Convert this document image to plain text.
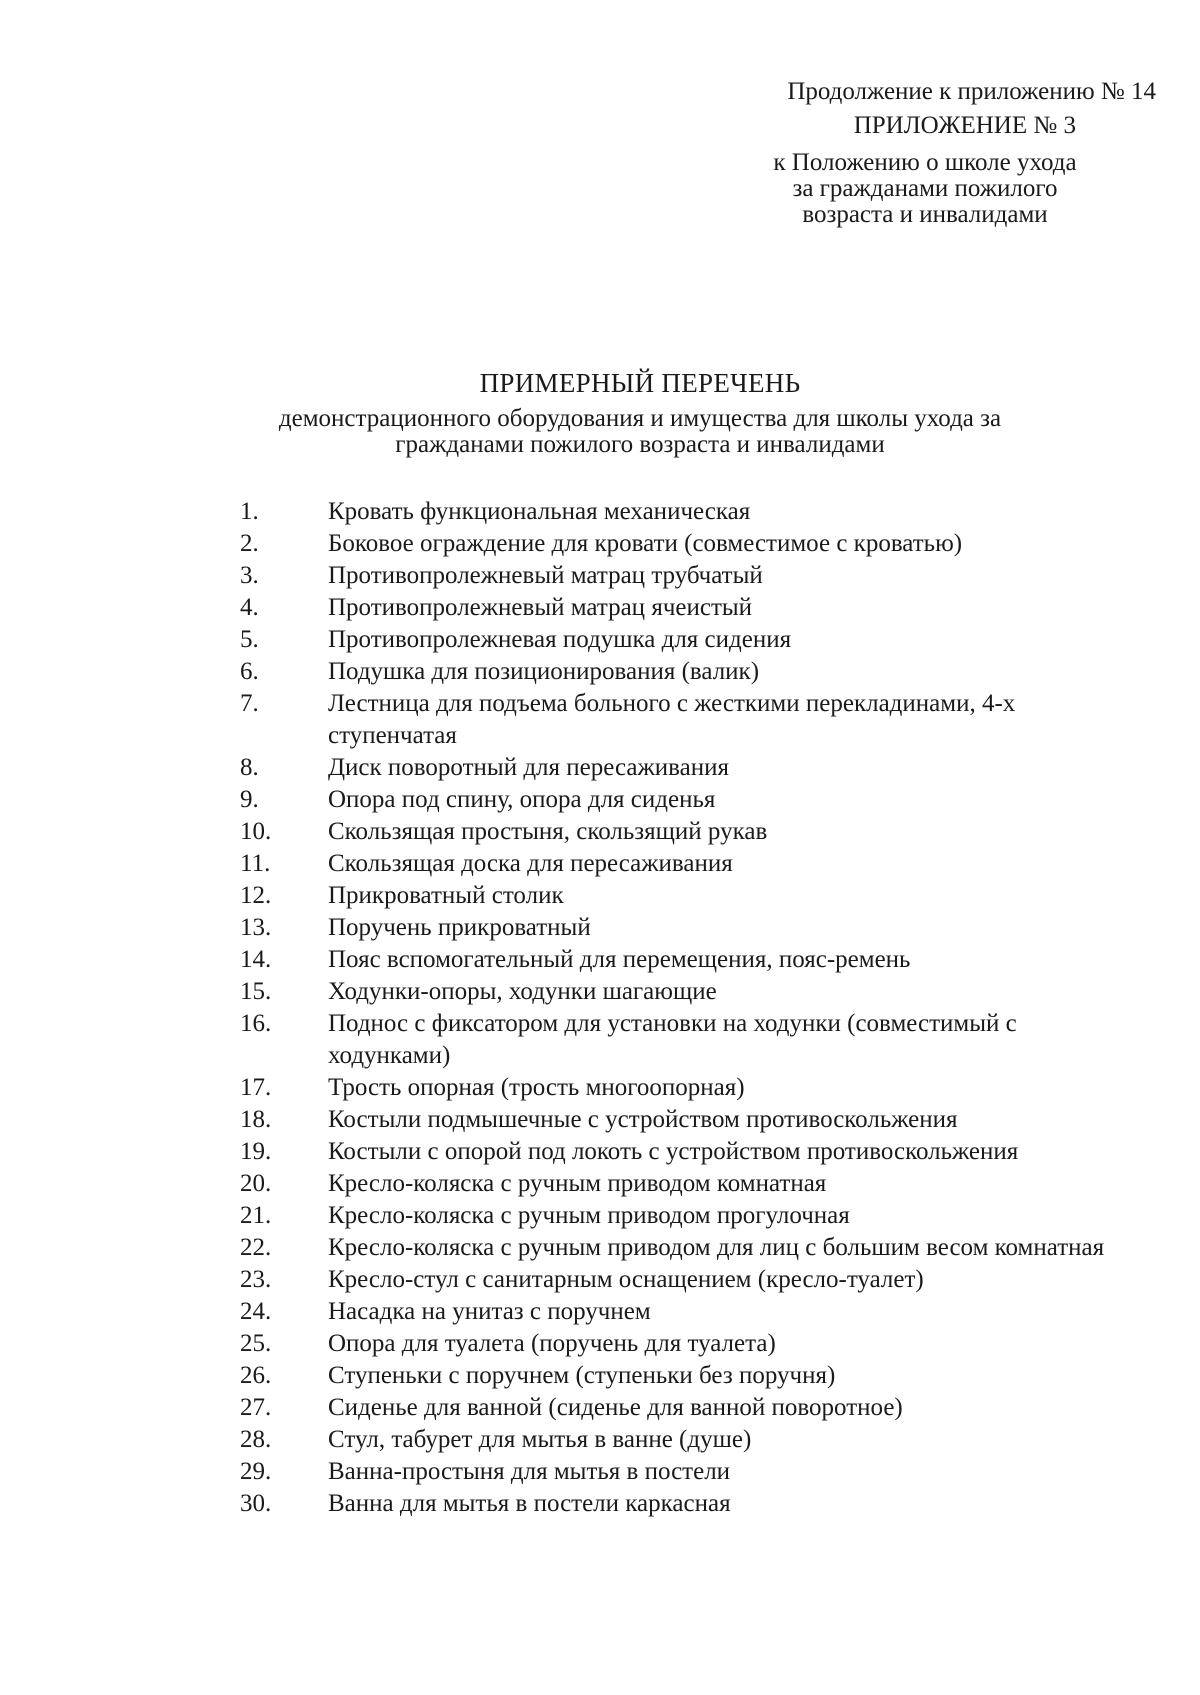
Продолжение к приложению № 14
ПРИЛОЖЕНИЕ № 3
к Положению о школе ухода
за гражданами пожилого
возраста и инвалидами
ПРИМЕРНЫЙ ПЕРЕЧЕНЬ
демонстрационного оборудования и имущества для школы ухода за
гражданами пожилого возраста и инвалидами
1.	Кровать функциональная механическая
2.	Боковое ограждение для кровати (совместимое с кроватью)
3.	Противопролежневый матрац трубчатый
4.	Противопролежневый матрац ячеистый
5.	Противопролежневая подушка для сидения
6.	Подушка для позиционирования (валик)
7.	Лестница для подъема больного с жесткими перекладинами, 4-х ступенчатая
8.	Диск поворотный для пересаживания
9.	Опора под спину, опора для сиденья
10.	Скользящая простыня, скользящий рукав
11.	Скользящая доска для пересаживания
12.	Прикроватный столик
13.	Поручень прикроватный
14.	Пояс вспомогательный для перемещения, пояс-ремень
15.	Ходунки-опоры, ходунки шагающие
16.	Поднос с фиксатором для установки на ходунки (совместимый с ходунками)
17.	Трость опорная (трость многоопорная)
18.	Костыли подмышечные с устройством противоскольжения
19.	Костыли с опорой под локоть с устройством противоскольжения
20.	Кресло-коляска с ручным приводом комнатная
21.	Кресло-коляска с ручным приводом прогулочная
22.	Кресло-коляска с ручным приводом для лиц с большим весом комнатная
23.	Кресло-стул с санитарным оснащением (кресло-туалет)
24.	Насадка на унитаз с поручнем
25.	Опора для туалета (поручень для туалета)
26.	Ступеньки с поручнем (ступеньки без поручня)
27.	Сиденье для ванной (сиденье для ванной поворотное)
28.	Стул, табурет для мытья в ванне (душе)
29.	Ванна-простыня для мытья в постели
30.	Ванна для мытья в постели каркасная
